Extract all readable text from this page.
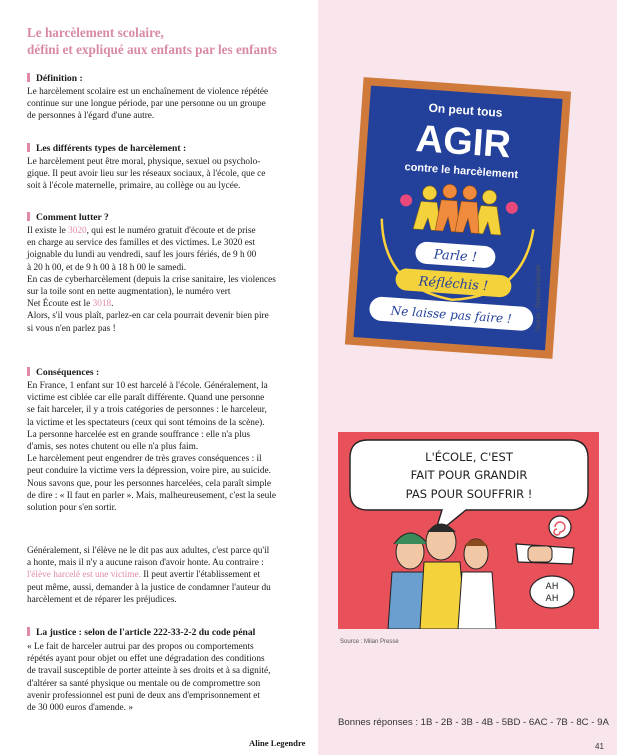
Le harcèlement scolaire,
défini et expliqué aux enfants par les enfants
Définition :
Le harcèlement scolaire est un enchaînement de violence répétée
continue sur une longue période, par une personne ou un groupe
de personnes à l'égard d'une autre.
Les différents types de harcèlement :
Le harcèlement peut être moral, physique, sexuel ou psycholo-
gique. Il peut avoir lieu sur les réseaux sociaux, à l'école, que ce
soit à l'école maternelle, primaire, au collège ou au lycée.
Comment lutter ?
Il existe le 3020, qui est le numéro gratuit d'écoute et de prise
en charge au service des familles et des victimes. Le 3020 est
joignable du lundi au vendredi, sauf les jours fériés, de 9 h 00
à 20 h 00, et de 9 h 00 à 18 h 00 le samedi.
En cas de cyberharcèlement (depuis la crise sanitaire, les violences
sur la toile sont en nette augmentation), le numéro vert
Net Écoute est le 3018.
Alors, s'il vous plaît, parlez-en car cela pourrait devenir bien pire
si vous n'en parlez pas !
Conséquences :
En France, 1 enfant sur 10 est harcelé à l'école. Généralement, la
victime est ciblée car elle paraît différente. Quand une personne
se fait harceler, il y a trois catégories de personnes : le harceleur,
la victime et les spectateurs (ceux qui sont témoins de la scène).
La personne harcelée est en grande souffrance : elle n'a plus
d'amis, ses notes chutent ou elle n'a plus faim.
Le harcèlement peut engendrer de très graves conséquences : il
peut conduire la victime vers la dépression, voire pire, au suicide.
Nous savons que, pour les personnes harcelées, cela paraît simple
de dire : « Il faut en parler ». Mais, malheureusement, c'est la seule
solution pour s'en sortir.
Généralement, si l'élève ne le dit pas aux adultes, c'est parce qu'il
a honte, mais il n'y a aucune raison d'avoir honte. Au contraire :
l'élève harcelé est une victime. Il peut avertir l'établissement et
peut même, aussi, demander à la justice de condamner l'auteur du
harcèlement et de réparer les préjudices.
La justice : selon de l'article 222-33-2-2 du code pénal
« Le fait de harceler autrui par des propos ou comportements
répétés ayant pour objet ou effet une dégradation des conditions
de travail susceptible de porter atteinte à ses droits et à sa dignité,
d'altérer sa santé physique ou mentale ou de compromettre son
avenir professionnel est puni de deux ans d'emprisonnement et
de 30 000 euros d'amende. »
Aline Legendre
On peut tous
AGIR
contre le harcèlement
Parle !
Réfléchis !
Ne laisse pas faire !	Source : Réseau Canopé
L'ÉCOLE, C'EST
FAIT POUR GRANDIR
PAS POUR SOUFFRIR !
AH
AH
Source : Milan Presse
Bonnes réponses : 1B - 2B - 3B - 4B - 5BD - 6AC - 7B - 8C - 9A
41
